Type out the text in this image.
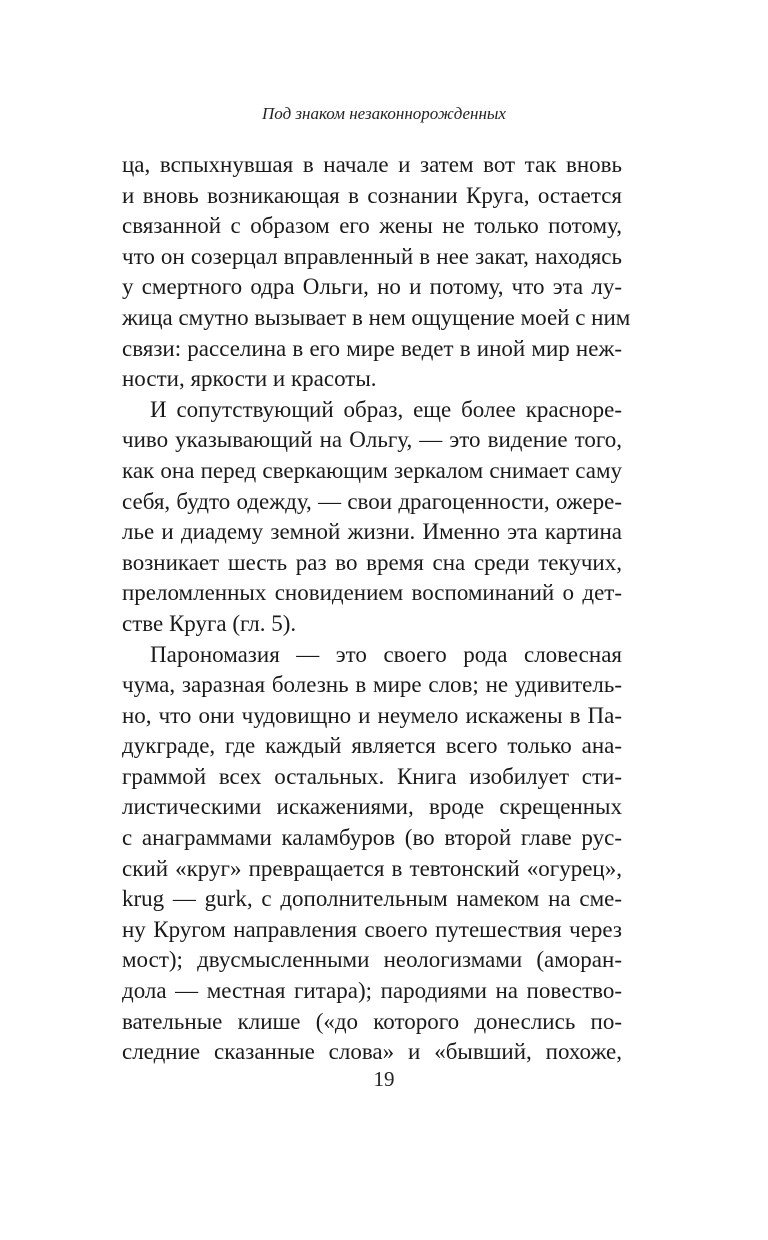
Под знаком незаконнорожденных
ца, вспыхнувшая в начале и затем вот так вновь
и вновь возникающая в сознании Круга, остается
связанной с образом его жены не только потому,
что он созерцал вправленный в нее закат, находясь
у смертного одра Ольги, но и потому, что эта лу-
жица смутно вызывает в нем ощущение моей с ним
связи: расселина в его мире ведет в иной мир неж-
ности, яркости и красоты.
И сопутствующий образ, еще более красноре-
чиво указывающий на Ольгу, — это видение того,
как она перед сверкающим зеркалом снимает саму
себя, будто одежду, — свои драгоценности, ожере-
лье и диадему земной жизни. Именно эта картина
возникает шесть раз во время сна среди текучих,
преломленных сновидением воспоминаний о дет-
стве Круга (гл. 5).
Парономазия — это своего рода словесная
чума, заразная болезнь в мире слов; не удивитель-
но, что они чудовищно и неумело искажены в Па-
дукграде, где каждый является всего только ана-
граммой всех остальных. Книга изобилует сти-
листическими искажениями, вроде скрещенных
с анаграммами каламбуров (во второй главе рус-
ский «круг» превращается в тевтонский «огурец»,
krug — gurk, с дополнительным намеком на сме-
ну Кругом направления своего путешествия через
мост); двусмысленными неологизмами (аморан-
дола — местная гитара); пародиями на повество-
вательные клише («до которого донеслись по-
следние сказанные слова» и «бывший, похоже,
19
